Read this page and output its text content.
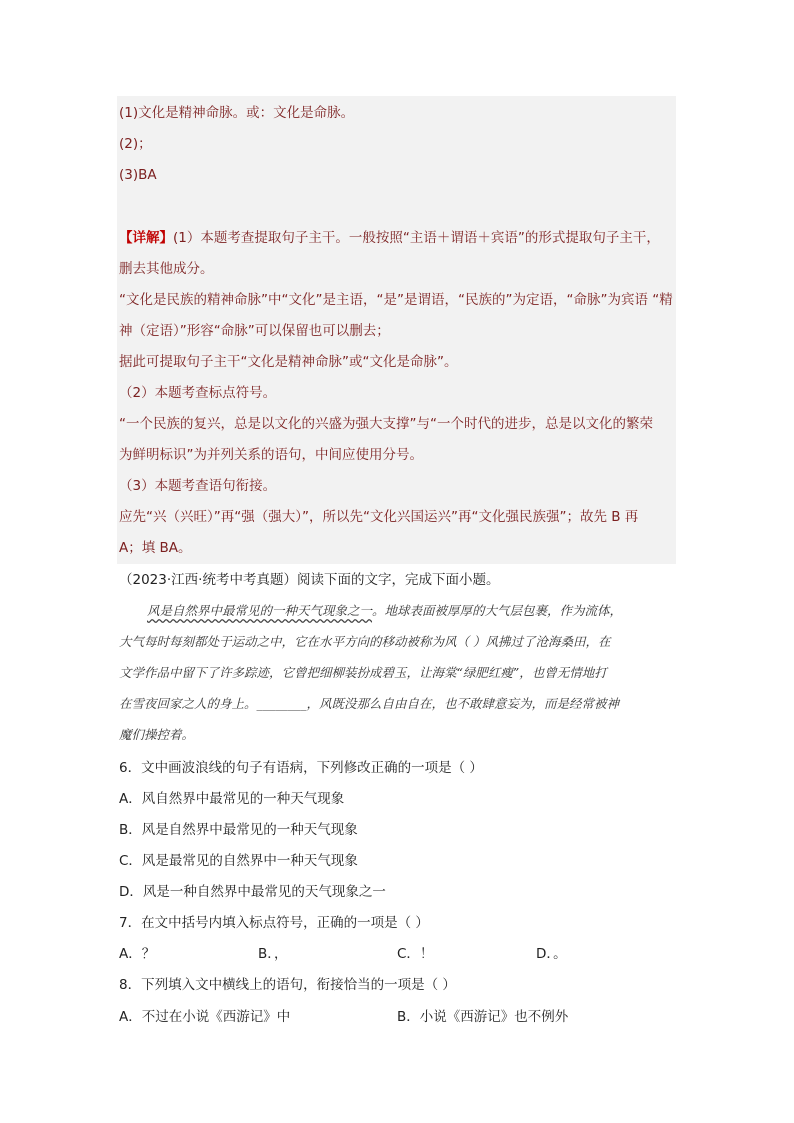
(1)文化是精神命脉。或：文化是命脉。

(2)；

(3)BA

【详解】(1）本题考查提取句子主干。一般按照“主语＋谓语＋宾语”的形式提取句子主干，

删去其他成分。

“文化是民族的精神命脉”中“文化”是主语，“是”是谓语，“民族的”为定语，“命脉”为宾语 “精

神（定语）”形容“命脉”可以保留也可以删去；

据此可提取句子主干“文化是精神命脉”或“文化是命脉”。

（2）本题考查标点符号。

“一个民族的复兴，总是以文化的兴盛为强大支撑”与“一个时代的进步，总是以文化的繁荣

为鲜明标识”为并列关系的语句，中间应使用分号。

（3）本题考查语句衔接。

应先“兴（兴旺）”再“强（强大）”，所以先“文化兴国运兴”再“文化强民族强”；故先 B 再

A；填 BA。

（2023·江西·统考中考真题）阅读下面的文字，完成下面小题。

风是自然界中最常见的一种天气现象之一。地球表面被厚厚的大气层包裹，作为流体，

大气每时每刻都处于运动之中，它在水平方向的移动被称为风（ ）风拂过了沧海桑田，在

文学作品中留下了许多踪迹，它曾把细柳装扮成碧玉，让海棠“绿肥红瘦”，也曾无情地打

在雪夜回家之人的身上。________，风既没那么自由自在，也不敢肆意妄为，而是经常被神

魔们操控着。

6．文中画波浪线的句子有语病，下列修改正确的一项是（ ）

A．风自然界中最常见的一种天气现象

B．风是自然界中最常见的一种天气现象

C．风是最常见的自然界中一种天气现象

D．风是一种自然界中最常见的天气现象之一

7．在文中括号内填入标点符号，正确的一项是（ ）

A．？	B．，	C．！	D．。

8．下列填入文中横线上的语句，衔接恰当的一项是（ ）

A．不过在小说《西游记》中	B．小说《西游记》也不例外
